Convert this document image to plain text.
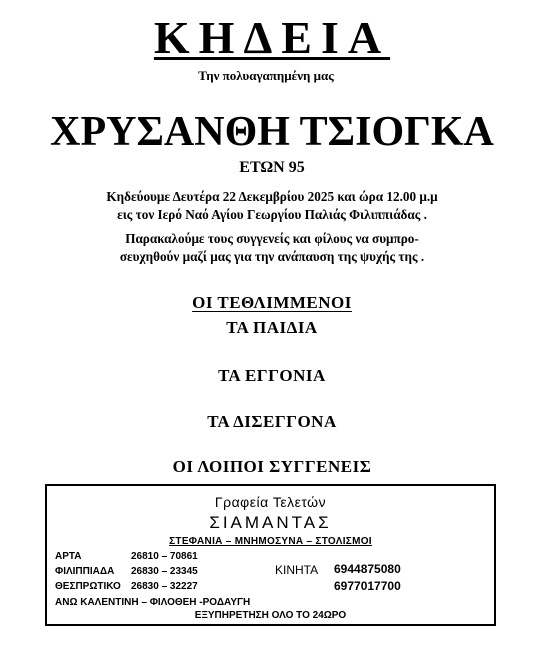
ΚΗΔΕΙΑ
Την πολυαγαπημένη μας
ΧΡΥΣΑΝΘΗ ΤΣΙΟΓΚΑ
ΕΤΩΝ 95
Κηδεύουμε Δευτέρα 22 Δεκεμβρίου 2025 και ώρα 12.00 μ.μ
εις τον Ιερό Ναό Αγίου Γεωργίου Παλιάς Φιλιππιάδας .
Παρακαλούμε τους συγγενείς και φίλους να συμπρο-
σευχηθούν μαζί μας για την ανάπαυση της ψυχής της .
ΟΙ ΤΕΘΛΙΜΜΕΝΟΙ
ΤΑ ΠΑΙΔΙΑ
ΤΑ ΕΓΓΟΝΙΑ
ΤΑ ΔΙΣΕΓΓΟΝΑ
ΟΙ ΛΟΙΠΟΙ ΣΥΓΓΕΝΕΙΣ
Γραφεία Τελετών
ΣΙΑΜΑΝΤΑΣ
ΣΤΕΦΑΝΙΑ – ΜΝΗΜΟΣΥΝΑ – ΣΤΟΛΙΣΜΟΙ
ΑΡΤΑ	26810 – 70861
ΦΙΛΙΠΠΙΑΔΑ 26830 – 23345
ΘΕΣΠΡΩΤΙΚΟ 26830 – 32227
ΚΙΝΗΤΑ 6944875080
6977017700
ΑΝΩ ΚΑΛΕΝΤΙΝΗ – ΦΙΛΟΘΕΗ -ΡΟΔΑΥΓΗ
ΕΞΥΠΗΡΕΤΗΣΗ ΟΛΟ ΤΟ 24ΩΡΟ
